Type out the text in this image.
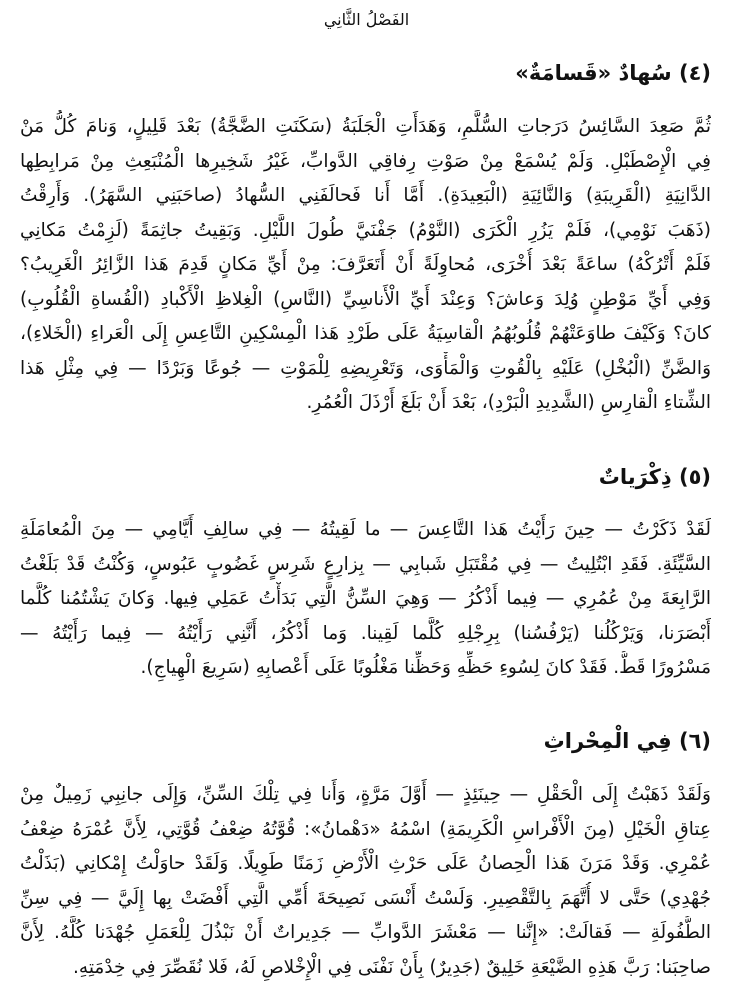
الفَصْلُ الثَّانِي
(٤) سُهادٌ «قَسامَةٌ»
ثُمَّ صَعِدَ السَّائِسُ دَرَجاتِ السُّلَّمِ، وَهَدَأَتِ الْجَلَبَةُ (سَكَنَتِ الضَّجَّةُ) بَعْدَ قَلِيلٍ، وَنامَ كُلُّ مَنْ
فِي الْإِصْطَبْلِ. وَلَمْ يُسْمَعْ مِنْ صَوْتِ رِفاقِي الدَّوابِّ، غَيْرُ شَخِيرِها الْمُنْبَعِثِ مِنْ مَرابِطِها
الدَّانِيَةِ (الْقَرِيبَةِ) وَالنَّائِيَةِ (الْبَعِيدَةِ). أَمَّا أَنا فَحالَفَنِي السُّهادُ (صاحَبَنِي السَّهَرُ). وَأَرِقْتُ
(ذَهَبَ نَوْمِي)، فَلَمْ يَزُرِ الْكَرَى (النَّوْمُ) جَفْنَيَّ طُولَ اللَّيْلِ. وَبَقِيتُ جاثِمَةً (لَزِمْتُ مَكانِي
فَلَمْ أَتْرُكْهُ) ساعَةً بَعْدَ أُخْرَى، مُحاوِلَةً أَنْ أَتَعَرَّفَ: مِنْ أَيِّ مَكانٍ قَدِمَ هَذا الزَّائِرُ الْغَرِيبُ؟
وَفِي أَيِّ مَوْطِنٍ وُلِدَ وَعاشَ؟ وَعِنْدَ أَيِّ الْأَناسِيِّ (النَّاسِ) الْغِلاظِ الْأَكْبادِ (الْقُساةِ الْقُلُوبِ)
كانَ؟ وَكَيْفَ طاوَعَتْهُمْ قُلُوبُهُمُ الْقاسِيَةُ عَلَى طَرْدِ هَذا الْمِسْكِينِ التَّاعِسِ إِلَى الْعَراءِ (الْخَلاءِ)،
وَالضَّنِّ (الْبُخْلِ) عَلَيْهِ بِالْقُوتِ وَالْمَأْوَى، وَتَعْرِيضِهِ لِلْمَوْتِ — جُوعًا وَبَرْدًا — فِي مِثْلِ هَذا
الشِّتاءِ الْقارِسِ (الشَّدِيدِ الْبَرْدِ)، بَعْدَ أَنْ بَلَغَ أَرْذَلَ الْعُمُرِ.
(٥) ذِكْرَياتٌ
لَقَدْ ذَكَرْتُ — حِينَ رَأَيْتُ هَذا التَّاعِسَ — ما لَقِيتُهُ — فِي سالِفِ أَيَّامِي — مِنَ الْمُعامَلَةِ
السَّيِّئَةِ. فَقَدِ ابْتُلِيتُ — فِي مُقْتَبَلِ شَبابِي — بِزارِعٍ شَرِسٍ غَضُوبٍ عَبُوسٍ، وَكُنْتُ قَدْ بَلَغْتُ
الرَّابِعَةَ مِنْ عُمُرِي — فِيما أَذْكُرُ — وَهِيَ السِّنُّ الَّتِي بَدَأْتُ عَمَلِي فِيها. وَكانَ يَشْتُمُنا كُلَّما
أَبْصَرَنا، وَيَرْكُلُنا (يَرْفُسُنا) بِرِجْلِهِ كُلَّما لَقِينا. وَما أَذْكُرُ، أَنَّنِي رَأَيْتُهُ — فِيما رَأَيْتُهُ —
مَسْرُورًا قَطُّ. فَقَدْ كانَ لِسُوءِ حَظِّهِ وَحَظِّنا مَغْلُوبًا عَلَى أَعْصابِهِ (سَرِيعَ الْهِياجِ).
(٦) فِي الْمِحْراثِ
وَلَقَدْ ذَهَبْتُ إِلَى الْحَقْلِ — حِينَئِذٍ — أَوَّلَ مَرَّةٍ، وَأَنا فِي تِلْكَ السِّنِّ، وَإِلَى جانِبِي زَمِيلٌ مِنْ
عِتاقِ الْخَيْلِ (مِنَ الْأَفْراسِ الْكَرِيمَةِ) اسْمُهُ «دَهْمانُ»: قُوَّتُهُ ضِعْفُ قُوَّتِي، لِأَنَّ عُمْرَهُ ضِعْفُ
عُمْرِي. وَقَدْ مَرَنَ هَذا الْحِصانُ عَلَى حَرْثِ الْأَرْضِ زَمَنًا طَوِيلًا. وَلَقَدْ حاوَلْتُ إِمْكانِي (بَذَلْتُ
جُهْدِي) حَتَّى لا أُتَّهَمَ بِالتَّقْصِيرِ. وَلَسْتُ أَنْسَى نَصِيحَةَ أُمِّي الَّتِي أَفْضَتْ بِها إِلَيَّ — فِي سِنِّ
الطُّفُولَةِ — فَقالَتْ: «إِنَّنا — مَعْشَرَ الدَّوابِّ — جَدِيراتٌ أَنْ نَبْذُلَ لِلْعَمَلِ جُهْدَنا كُلَّهُ. لِأَنَّ
صاحِبَنا: رَبَّ هَذِهِ الضَّيْعَةِ خَلِيقٌ (جَدِيرٌ) بِأَنْ نَفْنَى فِي الْإِخْلاصِ لَهُ، فَلا نُقَصِّرَ فِي خِدْمَتِهِ.
